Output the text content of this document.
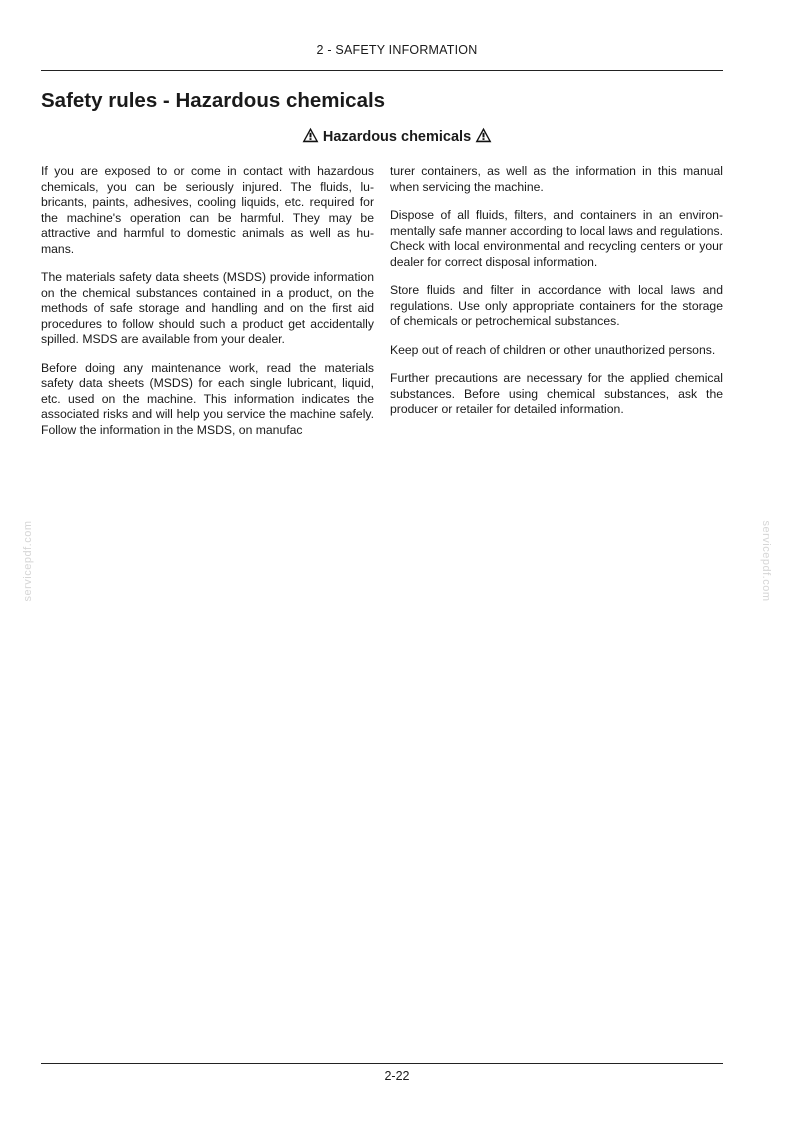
2 - SAFETY INFORMATION
Safety rules - Hazardous chemicals
Hazardous chemicals

If you are exposed to or come in contact with hazardous chemicals, you can be seriously injured. The fluids, lubricants, paints, adhesives, cooling liquids, etc. required for the machine's operation can be harmful. They may be attractive and harmful to domestic animals as well as humans.

The materials safety data sheets (MSDS) provide information on the chemical substances contained in a product, on the methods of safe storage and handling and on the first aid procedures to follow should such a product get accidentally spilled. MSDS are available from your dealer.

Before doing any maintenance work, read the materials safety data sheets (MSDS) for each single lubricant, liquid, etc. used on the machine. This information indicates the associated risks and will help you service the machine safely. Follow the information in the MSDS, on manufac

turer containers, as well as the information in this manual when servicing the machine.

Dispose of all fluids, filters, and containers in an environmentally safe manner according to local laws and regulations. Check with local environmental and recycling centers or your dealer for correct disposal information.

Store fluids and filter in accordance with local laws and regulations. Use only appropriate containers for the storage of chemicals or petrochemical substances.

Keep out of reach of children or other unauthorized persons.

Further precautions are necessary for the applied chemical substances. Before using chemical substances, ask the producer or retailer for detailed information.

servicepdf.com	servicepdf.com
2-22
